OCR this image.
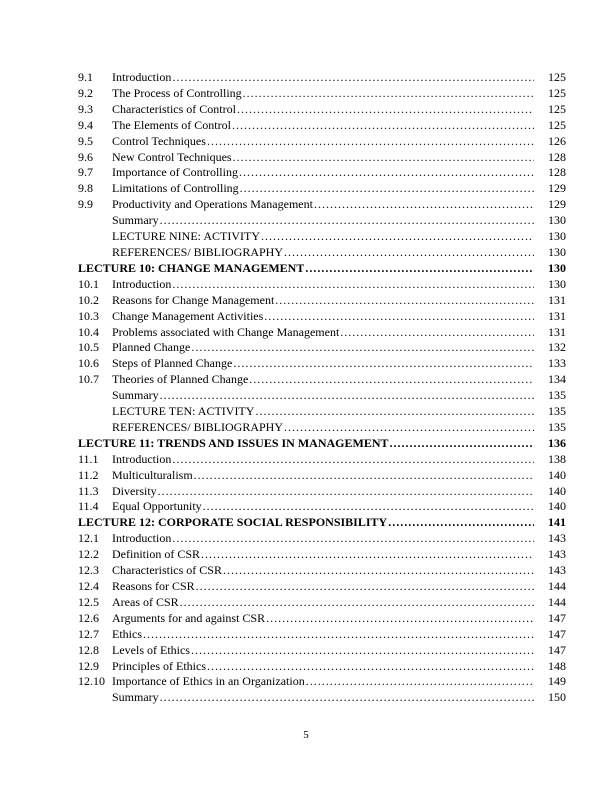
9.1	Introduction .....	125
9.2	The Process of Controlling .....	125
9.3	Characteristics of Control .....	125
9.4	The Elements of Control .....	125
9.5	Control Techniques .....	126
9.6	New Control Techniques .....	128
9.7	Importance of Controlling .....	128
9.8	Limitations of Controlling .....	129
9.9	Productivity and Operations Management .....	129
Summary .....	130
LECTURE NINE: ACTIVITY .....	130
REFERENCES/ BIBLIOGRAPHY .....	130
LECTURE 10: CHANGE MANAGEMENT .....	130
10.1	Introduction .....	130
10.2	Reasons for Change Management .....	131
10.3	Change Management Activities .....	131
10.4	Problems associated with Change Management .....	131
10.5	Planned Change .....	132
10.6	Steps of Planned Change .....	133
10.7	Theories of Planned Change .....	134
Summary .....	135
LECTURE TEN: ACTIVITY .....	135
REFERENCES/ BIBLIOGRAPHY .....	135
LECTURE 11: TRENDS AND ISSUES IN MANAGEMENT .....	136
11.1	Introduction .....	138
11.2	Multiculturalism .....	140
11.3	Diversity .....	140
11.4	Equal Opportunity .....	140
LECTURE 12: CORPORATE SOCIAL RESPONSIBILITY .....	141
12.1	Introduction .....	143
12.2	Definition of CSR .....	143
12.3	Characteristics of CSR .....	143
12.4	Reasons for CSR .....	144
12.5	Areas of CSR .....	144
12.6	Arguments for and against CSR .....	147
12.7	Ethics .....	147
12.8	Levels of Ethics .....	147
12.9	Principles of Ethics .....	148
12.10 Importance of Ethics in an Organization .....	149
Summary .....	150
5
